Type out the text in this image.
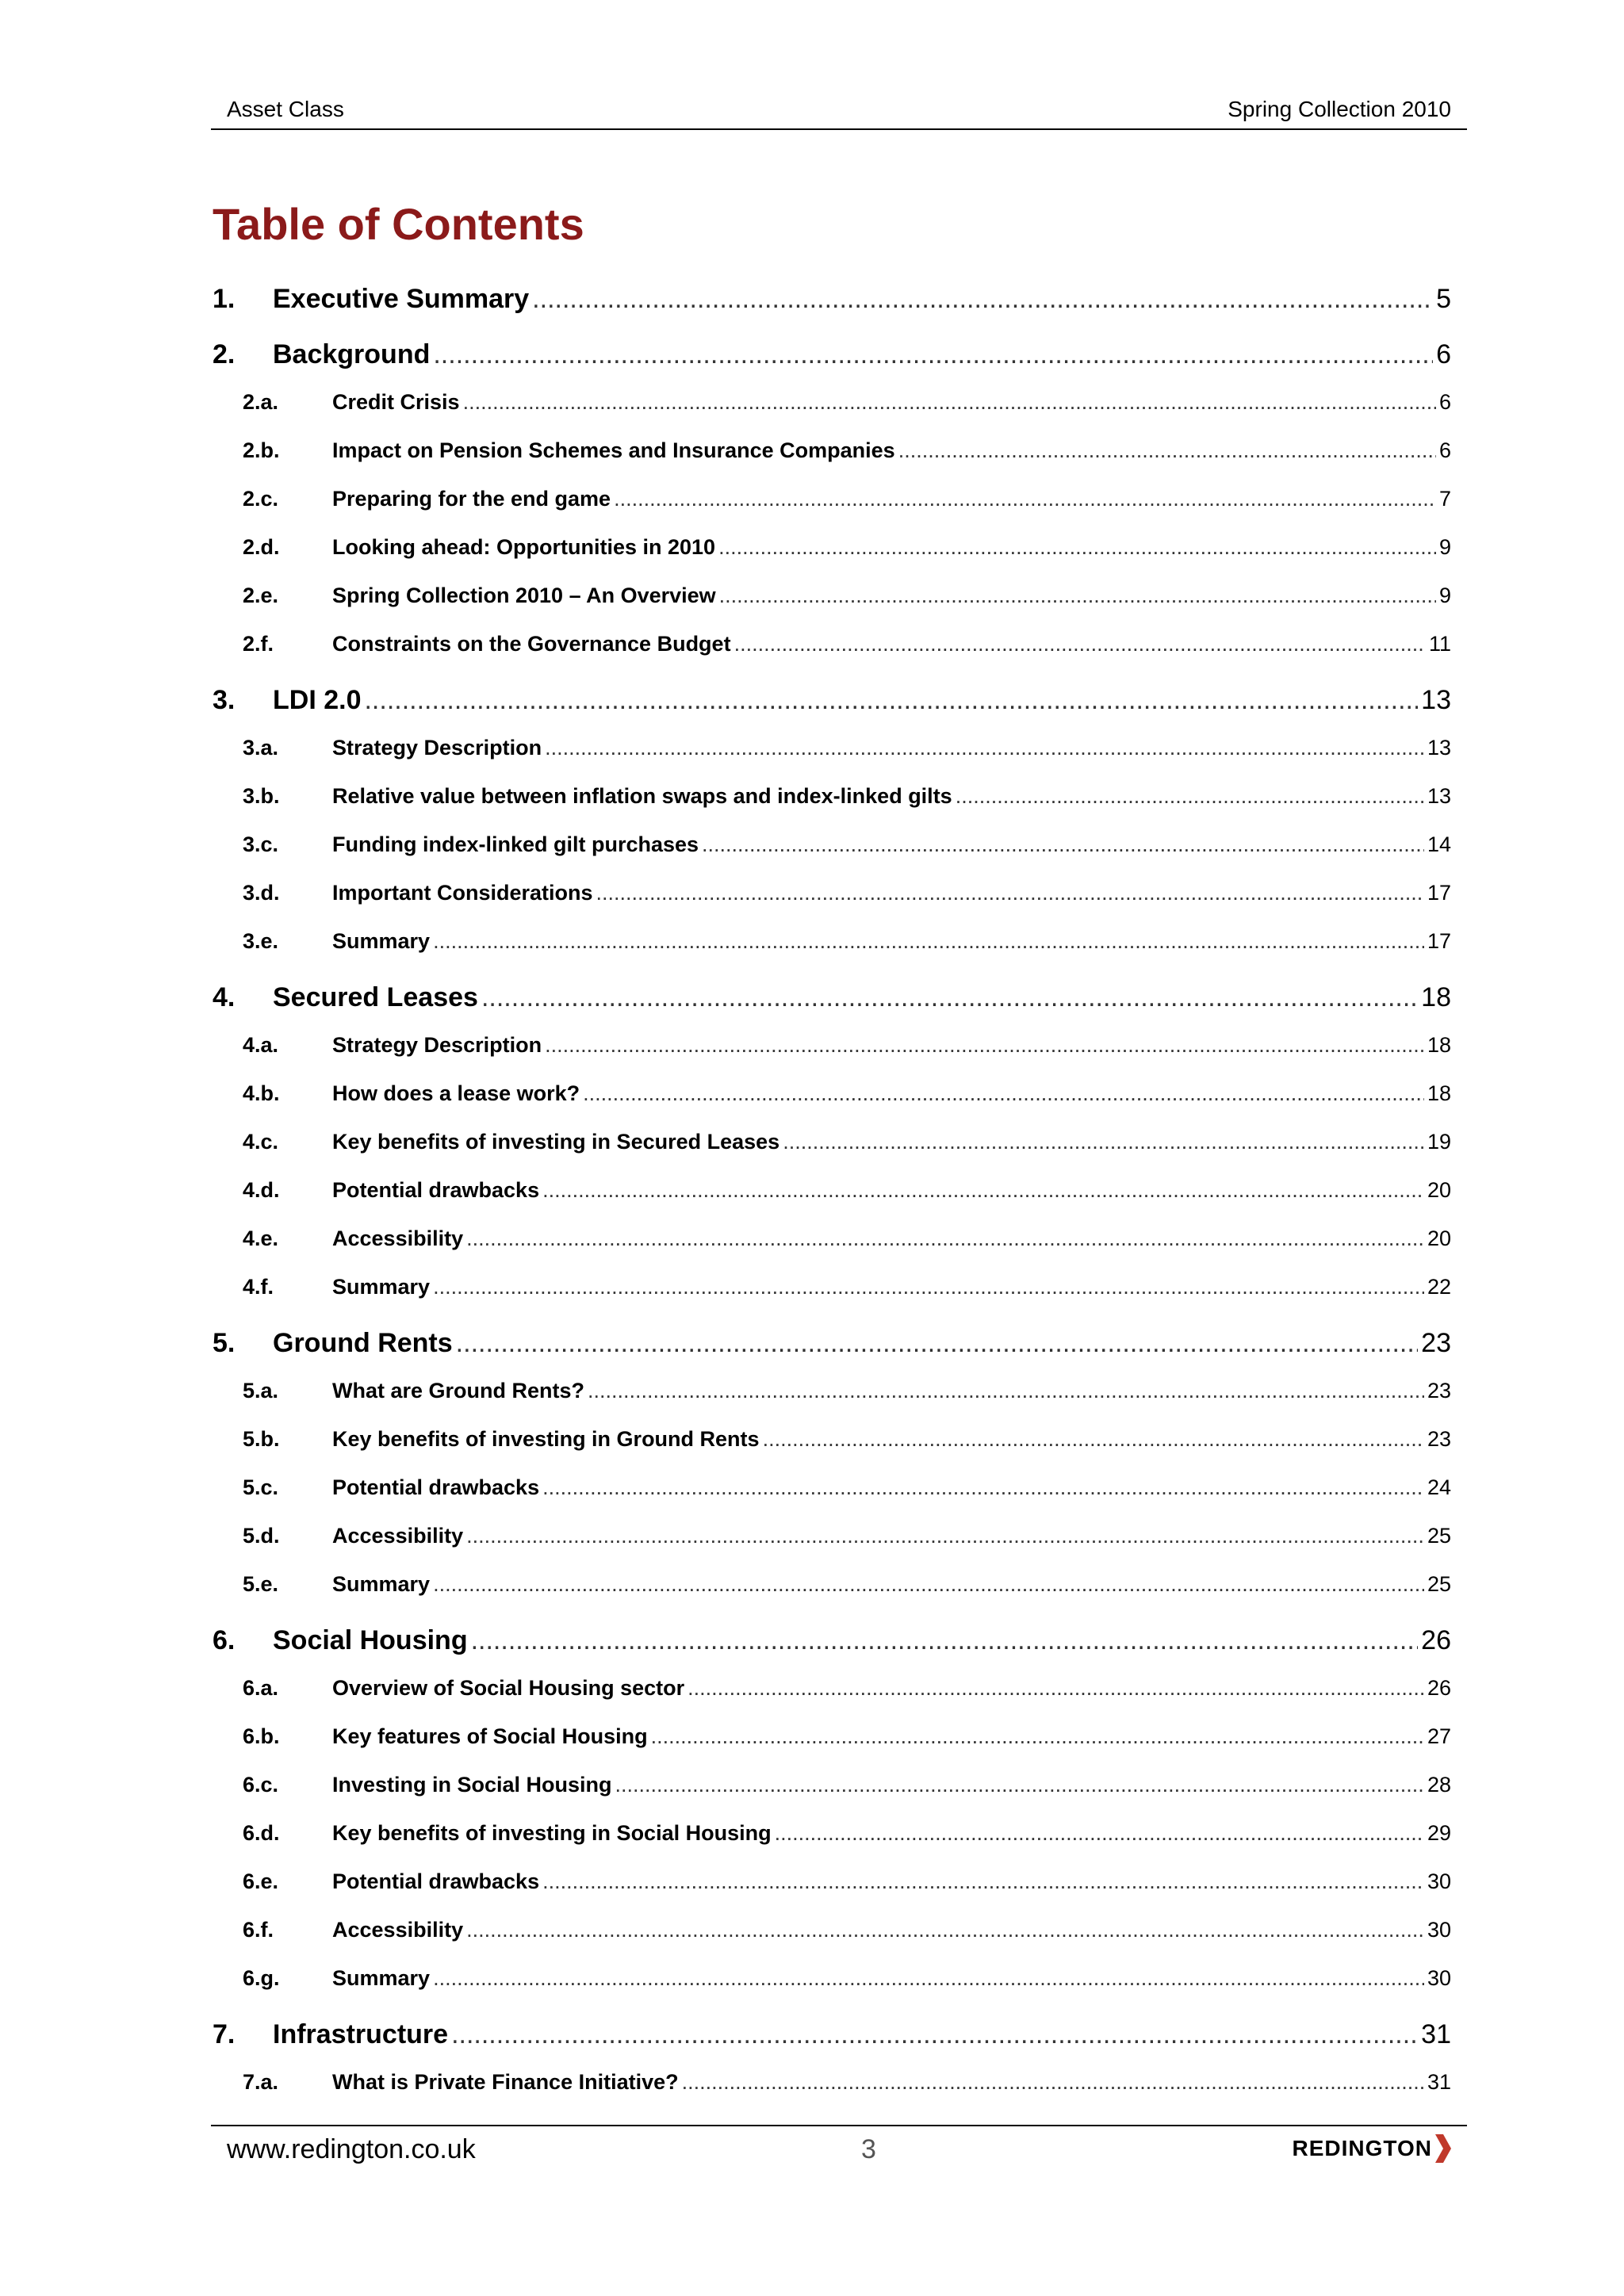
Asset Class	Spring Collection 2010
Table of Contents
1.	Executive Summary .....	5
2.	Background .....	6
2.a.	Credit Crisis .....	6
2.b.	Impact on Pension Schemes and Insurance Companies .....	6
2.c.	Preparing for the end game .....	7
2.d.	Looking ahead: Opportunities in 2010 .....	9
2.e.	Spring Collection 2010 – An Overview .....	9
2.f.	Constraints on the Governance Budget .....	11
3.	LDI 2.0 .....	13
3.a.	Strategy Description .....	13
3.b.	Relative value between inflation swaps and index-linked gilts .....	13
3.c.	Funding index-linked gilt purchases .....	14
3.d.	Important Considerations .....	17
3.e.	Summary .....	17
4.	Secured Leases .....	18
4.a.	Strategy Description .....	18
4.b.	How does a lease work? .....	18
4.c.	Key benefits of investing in Secured Leases .....	19
4.d.	Potential drawbacks .....	20
4.e.	Accessibility .....	20
4.f.	Summary .....	22
5.	Ground Rents .....	23
5.a.	What are Ground Rents? .....	23
5.b.	Key benefits of investing in Ground Rents .....	23
5.c.	Potential drawbacks .....	24
5.d.	Accessibility .....	25
5.e.	Summary .....	25
6.	Social Housing .....	26
6.a.	Overview of Social Housing sector .....	26
6.b.	Key features of Social Housing .....	27
6.c.	Investing in Social Housing .....	28
6.d.	Key benefits of investing in Social Housing .....	29
6.e.	Potential drawbacks .....	30
6.f.	Accessibility .....	30
6.g.	Summary .....	30
7.	Infrastructure .....	31
7.a.	What is Private Finance Initiative? .....	31
www.redington.co.uk	3	REDINGTON
